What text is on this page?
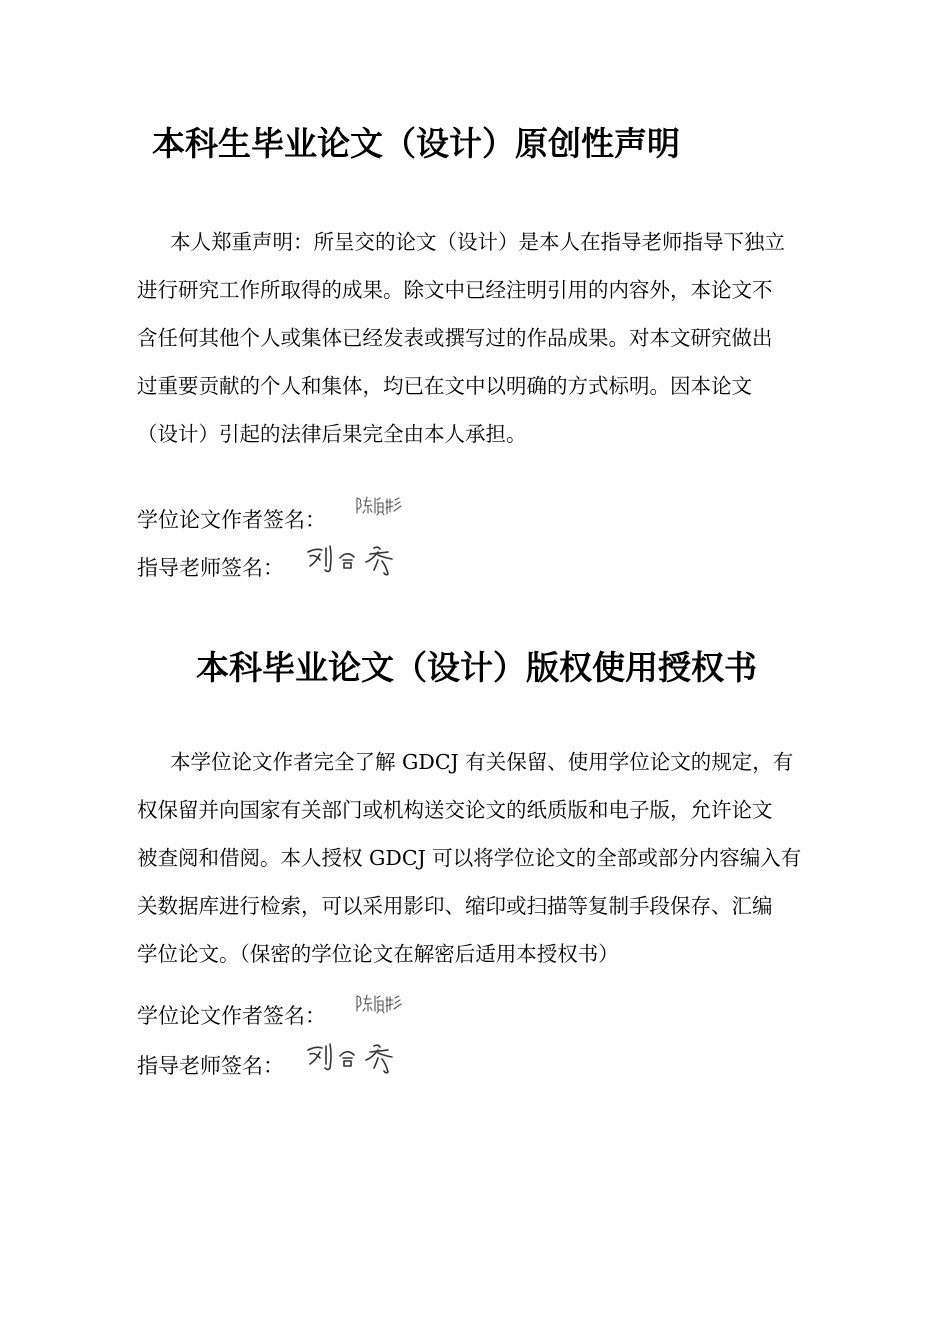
本科生毕业论文（设计）原创性声明
本人郑重声明：所呈交的论文（设计）是本人在指导老师指导下独立
进行研究工作所取得的成果。除文中已经注明引用的内容外，本论文不
含任何其他个人或集体已经发表或撰写过的作品成果。对本文研究做出
过重要贡献的个人和集体，均已在文中以明确的方式标明。因本论文
（设计）引起的法律后果完全由本人承担。
学位论文作者签名：
指导老师签名：
本科毕业论文（设计）版权使用授权书
本学位论文作者完全了解 GDCJ 有关保留、使用学位论文的规定，有
权保留并向国家有关部门或机构送交论文的纸质版和电子版，允许论文
被查阅和借阅。本人授权 GDCJ 可以将学位论文的全部或部分内容编入有
关数据库进行检索，可以采用影印、缩印或扫描等复制手段保存、汇编
学位论文。（保密的学位论文在解密后适用本授权书）
学位论文作者签名：
指导老师签名：
